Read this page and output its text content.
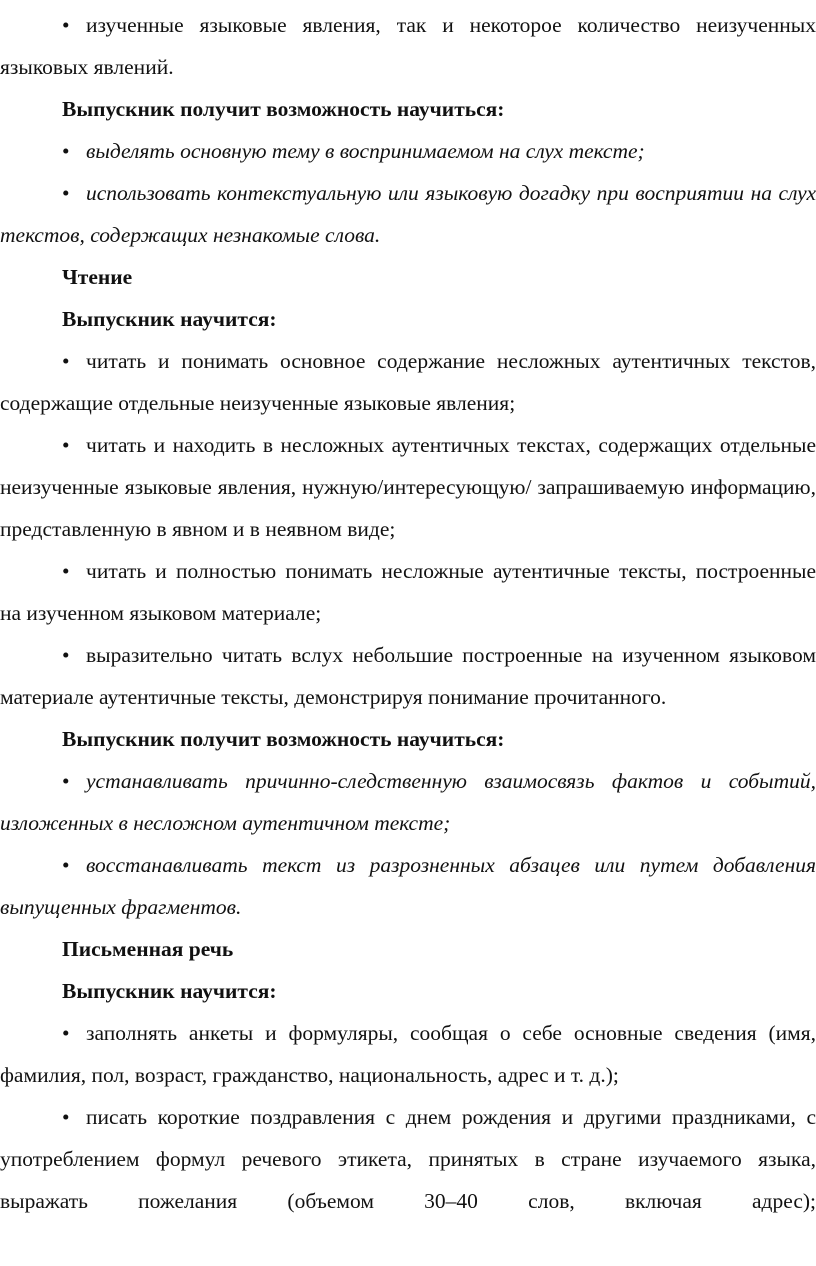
• изученные языковые явления, так и некоторое количество неизученных языковых явлений.

Выпускник получит возможность научиться:

• выделять основную тему в воспринимаемом на слух тексте;

• использовать контекстуальную или языковую догадку при восприятии на слух текстов, содержащих незнакомые слова.

Чтение

Выпускник научится:

• читать и понимать основное содержание несложных аутентичных текстов, содержащие отдельные неизученные языковые явления;

• читать и находить в несложных аутентичных текстах, содержащих отдельные неизученные языковые явления, нужную/интересующую/ запрашиваемую информацию, представленную в явном и в неявном виде;

• читать и полностью понимать несложные аутентичные тексты, построенные на изученном языковом материале;

• выразительно читать вслух небольшие построенные на изученном языковом материале аутентичные тексты, демонстрируя понимание прочитанного.

Выпускник получит возможность научиться:

• устанавливать причинно-следственную взаимосвязь фактов и событий, изложенных в несложном аутентичном тексте;

• восстанавливать текст из разрозненных абзацев или путем добавления выпущенных фрагментов.

Письменная речь

Выпускник научится:

• заполнять анкеты и формуляры, сообщая о себе основные сведения (имя, фамилия, пол, возраст, гражданство, национальность, адрес и т. д.);

• писать короткие поздравления с днем рождения и другими праздниками, с употреблением формул речевого этикета, принятых в стране изучаемого языка, выражать пожелания (объемом 30–40 слов, включая адрес);
